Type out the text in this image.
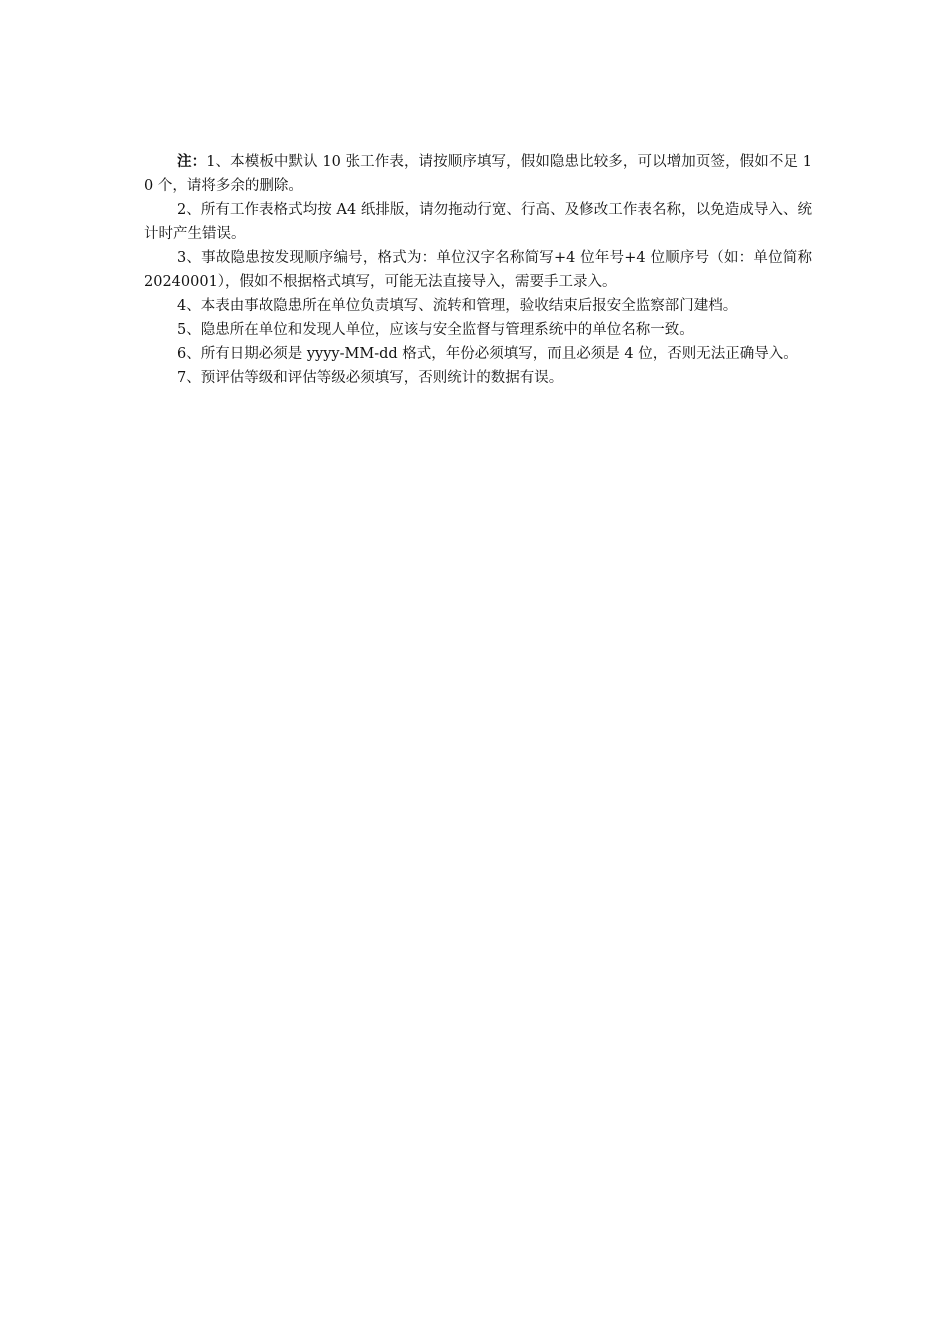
注：1、本模板中默认 10 张工作表，请按顺序填写，假如隐患比较多，可以增加页签，假如不足 10 个，请将多余的删除。

2、所有工作表格式均按 A4 纸排版，请勿拖动行宽、行高、及修改工作表名称，以免造成导入、统计时产生错误。

3、事故隐患按发现顺序编号，格式为：单位汉字名称简写+4 位年号+4 位顺序号（如：单位简称 20240001），假如不根据格式填写，可能无法直接导入，需要手工录入。

4、本表由事故隐患所在单位负责填写、流转和管理，验收结束后报安全监察部门建档。

5、隐患所在单位和发现人单位，应该与安全监督与管理系统中的单位名称一致。

6、所有日期必须是 yyyy-MM-dd 格式，年份必须填写，而且必须是 4 位，否则无法正确导入。

7、预评估等级和评估等级必须填写，否则统计的数据有误。
